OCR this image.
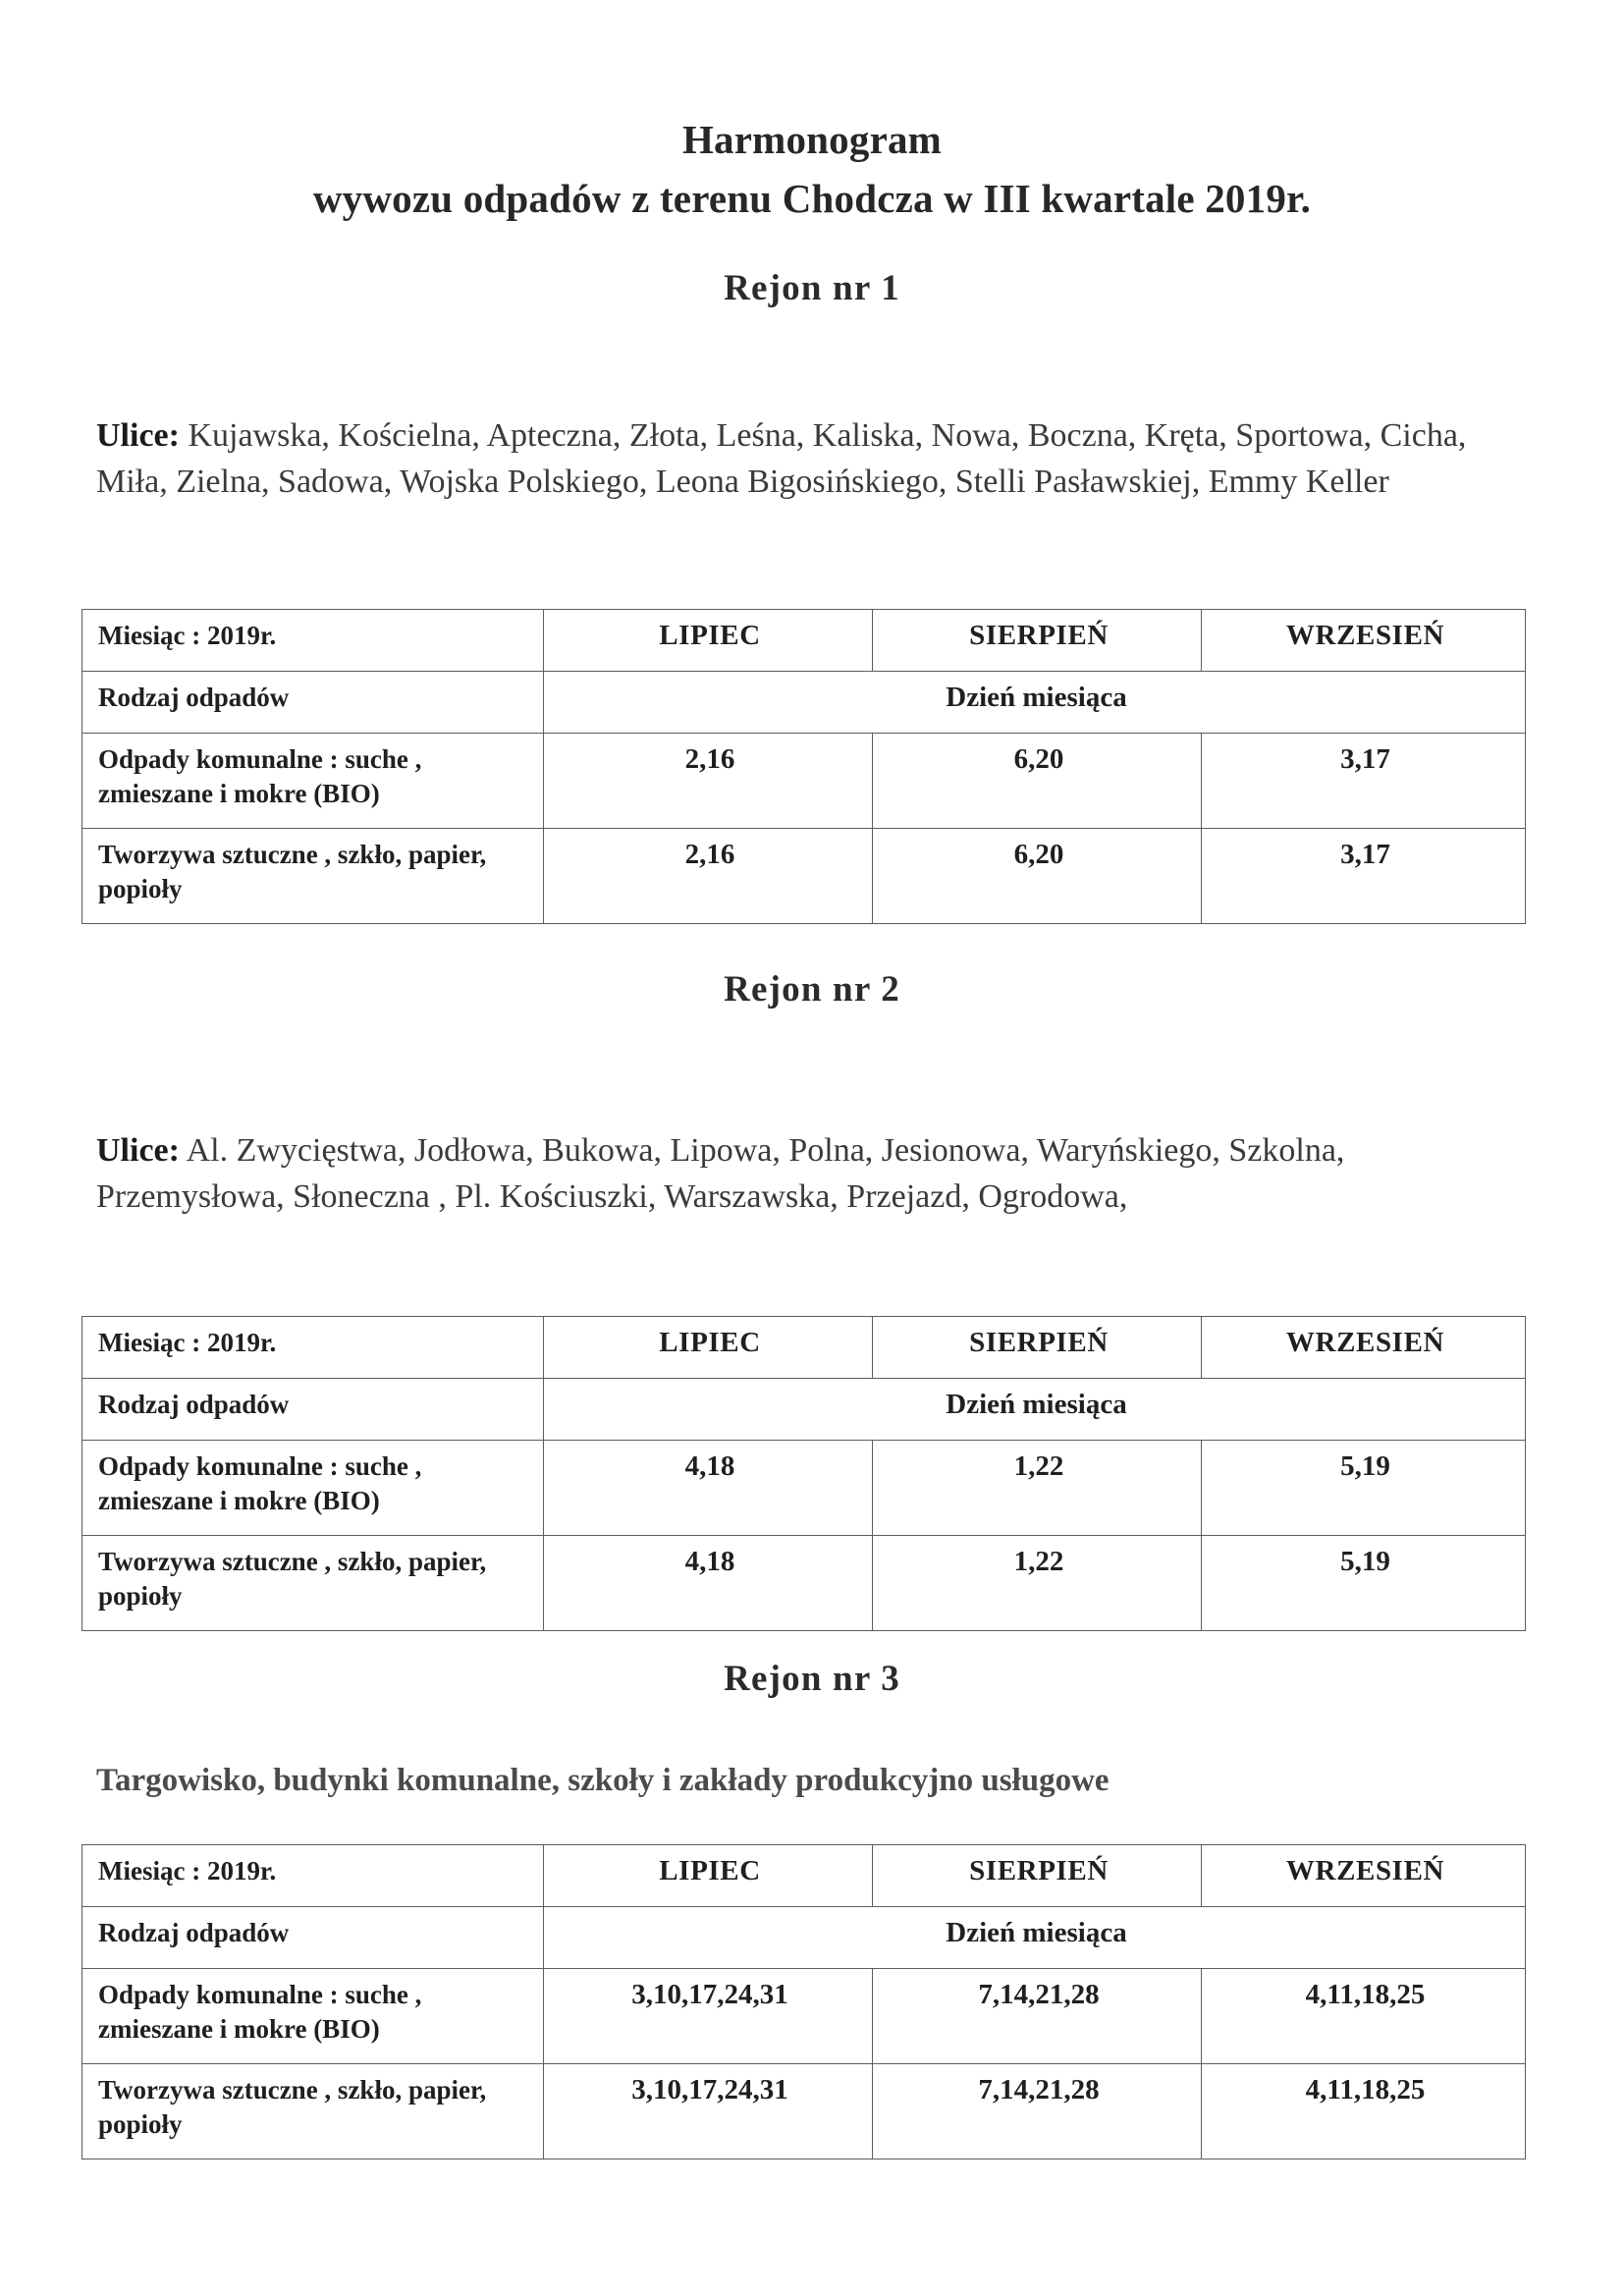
Harmonogram
wywozu odpadów z terenu Chodcza w III kwartale 2019r.
Rejon nr 1
Ulice: Kujawska, Kościelna, Apteczna, Złota, Leśna, Kaliska, Nowa, Boczna, Kręta, Sportowa, Cicha, Miła, Zielna, Sadowa, Wojska Polskiego, Leona Bigosińskiego, Stelli Pasławskiej, Emmy Keller
Miesiąc : 2019r.	LIPIEC	SIERPIEŃ	WRZESIEŃ
Rodzaj odpadów	Dzień miesiąca		
Odpady komunalne : suche , zmieszane i mokre (BIO)	2,16	6,20	3,17
Tworzywa sztuczne , szkło, papier, popioły	2,16	6,20	3,17
Rejon nr 2
Ulice: Al. Zwycięstwa, Jodłowa, Bukowa, Lipowa, Polna, Jesionowa, Waryńskiego, Szkolna, Przemysłowa, Słoneczna , Pl. Kościuszki, Warszawska, Przejazd, Ogrodowa,
Miesiąc : 2019r.	LIPIEC	SIERPIEŃ	WRZESIEŃ
Rodzaj odpadów	Dzień miesiąca		
Odpady komunalne : suche , zmieszane i mokre (BIO)	4,18	1,22	5,19
Tworzywa sztuczne , szkło, papier, popioły	4,18	1,22	5,19
Rejon nr 3
Targowisko, budynki komunalne, szkoły i zakłady produkcyjno usługowe
Miesiąc : 2019r.	LIPIEC	SIERPIEŃ	WRZESIEŃ
Rodzaj odpadów	Dzień miesiąca		
Odpady komunalne : suche , zmieszane i mokre (BIO)	3,10,17,24,31	7,14,21,28	4,11,18,25
Tworzywa sztuczne , szkło, papier, popioły	3,10,17,24,31	7,14,21,28	4,11,18,25
